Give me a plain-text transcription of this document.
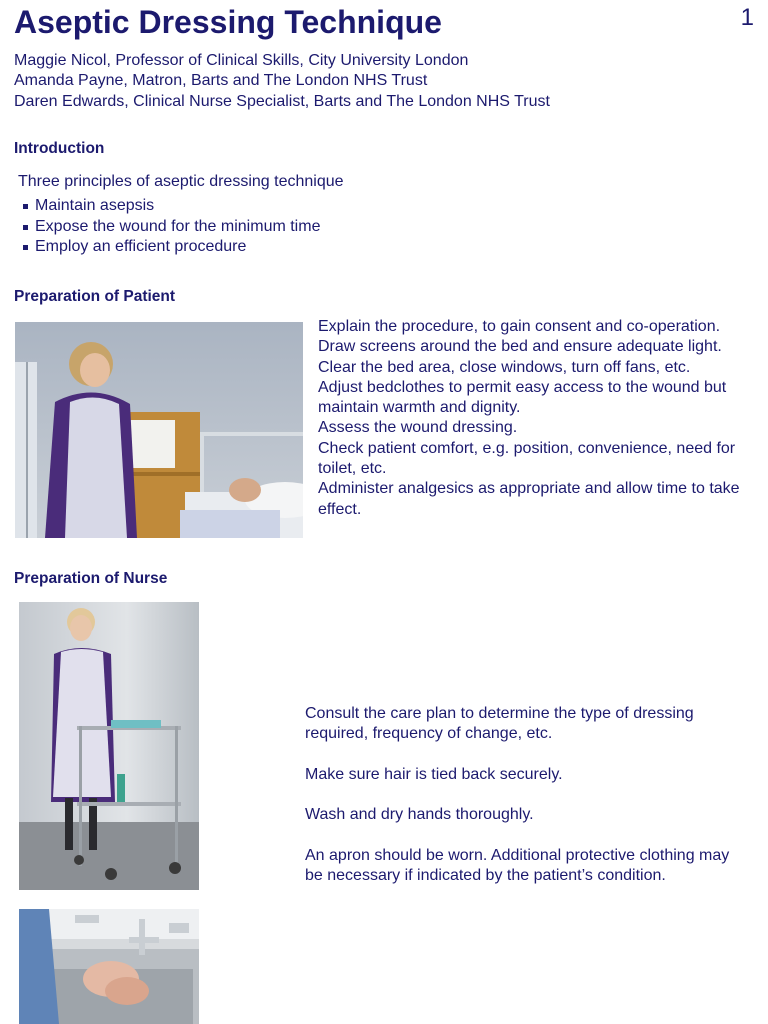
Aseptic Dressing Technique	1
Maggie Nicol, Professor of Clinical Skills, City University London
Amanda Payne, Matron, Barts and The London NHS Trust
Daren Edwards, Clinical Nurse Specialist, Barts and The London NHS Trust
Introduction
Three principles of aseptic dressing technique
Maintain asepsis
Expose the wound for the minimum time
Employ an efficient procedure
Preparation of Patient
Explain the procedure, to gain consent and co-operation.
Draw screens around the bed and ensure adequate light. Clear the bed area, close windows, turn off fans, etc.
Adjust bedclothes to permit easy access to the wound but maintain warmth and dignity.
Assess the wound dressing.
Check patient comfort, e.g. position, convenience, need for toilet, etc.
Administer analgesics as appropriate and allow time to take effect.
Preparation of Nurse

Consult the care plan to determine the type of dressing required, frequency of change, etc.

Make sure hair is tied back securely.

Wash and dry hands thoroughly.

An apron should be worn. Additional protective clothing may be necessary if indicated by the patient’s condition.
